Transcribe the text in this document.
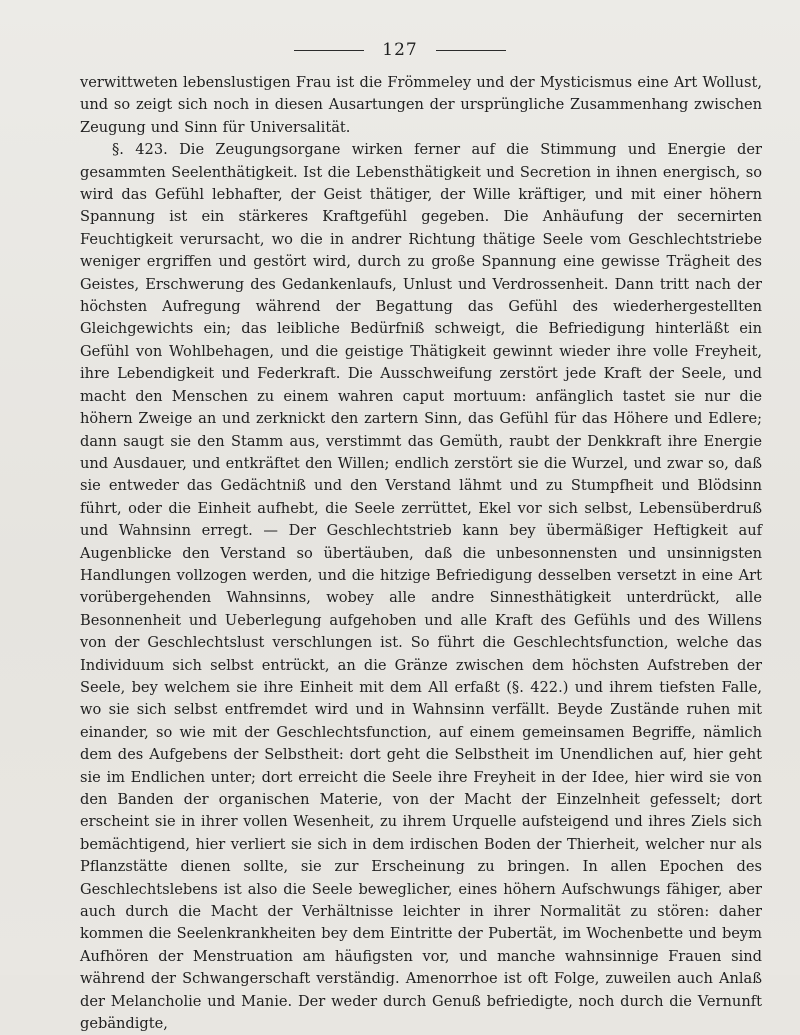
127

verwittweten lebenslustigen Frau ist die Frömmeley und der Mysticismus eine Art Wollust, und so zeigt sich noch in diesen Ausartungen der ursprüngliche Zusammenhang zwischen Zeugung und Sinn für Universalität.

§. 423. Die Zeugungsorgane wirken ferner auf die Stimmung und Energie der gesammten Seelenthätigkeit. Ist die Lebensthätigkeit und Secretion in ihnen energisch, so wird das Gefühl lebhafter, der Geist thätiger, der Wille kräftiger, und mit einer höhern Spannung ist ein stärkeres Kraftgefühl gegeben. Die Anhäufung der secernirten Feuchtigkeit verursacht, wo die in andrer Richtung thätige Seele vom Geschlechtstriebe weniger ergriffen und gestört wird, durch zu große Spannung eine gewisse Trägheit des Geistes, Erschwerung des Gedankenlaufs, Unlust und Verdrossenheit. Dann tritt nach der höchsten Aufregung während der Begattung das Gefühl des wiederhergestellten Gleichgewichts ein; das leibliche Bedürfniß schweigt, die Befriedigung hinterläßt ein Gefühl von Wohlbehagen, und die geistige Thätigkeit gewinnt wieder ihre volle Freyheit, ihre Lebendigkeit und Federkraft. Die Ausschweifung zerstört jede Kraft der Seele, und macht den Menschen zu einem wahren caput mortuum: anfänglich tastet sie nur die höhern Zweige an und zerknickt den zartern Sinn, das Gefühl für das Höhere und Edlere; dann saugt sie den Stamm aus, verstimmt das Gemüth, raubt der Denkkraft ihre Energie und Ausdauer, und entkräftet den Willen; endlich zerstört sie die Wurzel, und zwar so, daß sie entweder das Gedächtniß und den Verstand lähmt und zu Stumpfheit und Blödsinn führt, oder die Einheit aufhebt, die Seele zerrüttet, Ekel vor sich selbst, Lebensüberdruß und Wahnsinn erregt. — Der Geschlechtstrieb kann bey übermäßiger Heftigkeit auf Augenblicke den Verstand so übertäuben, daß die unbesonnensten und unsinnigsten Handlungen vollzogen werden, und die hitzige Befriedigung desselben versetzt in eine Art vorübergehenden Wahnsinns, wobey alle andre Sinnesthätigkeit unterdrückt, alle Besonnenheit und Ueberlegung aufgehoben und alle Kraft des Gefühls und des Willens von der Geschlechtslust verschlungen ist. So führt die Geschlechtsfunction, welche das Individuum sich selbst entrückt, an die Gränze zwischen dem höchsten Aufstreben der Seele, bey welchem sie ihre Einheit mit dem All erfaßt (§. 422.) und ihrem tiefsten Falle, wo sie sich selbst entfremdet wird und in Wahnsinn verfällt. Beyde Zustände ruhen mit einander, so wie mit der Geschlechtsfunction, auf einem gemeinsamen Begriffe, nämlich dem des Aufgebens der Selbstheit: dort geht die Selbstheit im Unendlichen auf, hier geht sie im Endlichen unter; dort erreicht die Seele ihre Freyheit in der Idee, hier wird sie von den Banden der organischen Materie, von der Macht der Einzelnheit gefesselt; dort erscheint sie in ihrer vollen Wesenheit, zu ihrem Urquelle aufsteigend und ihres Ziels sich bemächtigend, hier verliert sie sich in dem irdischen Boden der Thierheit, welcher nur als Pflanzstätte dienen sollte, sie zur Erscheinung zu bringen. In allen Epochen des Geschlechtslebens ist also die Seele beweglicher, eines höhern Aufschwungs fähiger, aber auch durch die Macht der Verhältnisse leichter in ihrer Normalität zu stören: daher kommen die Seelenkrankheiten bey dem Eintritte der Pubertät, im Wochenbette und beym Aufhören der Menstruation am häufigsten vor, und manche wahnsinnige Frauen sind während der Schwangerschaft verständig. Amenorrhoe ist oft Folge, zuweilen auch Anlaß der Melancholie und Manie. Der weder durch Genuß befriedigte, noch durch die Vernunft gebändigte,
